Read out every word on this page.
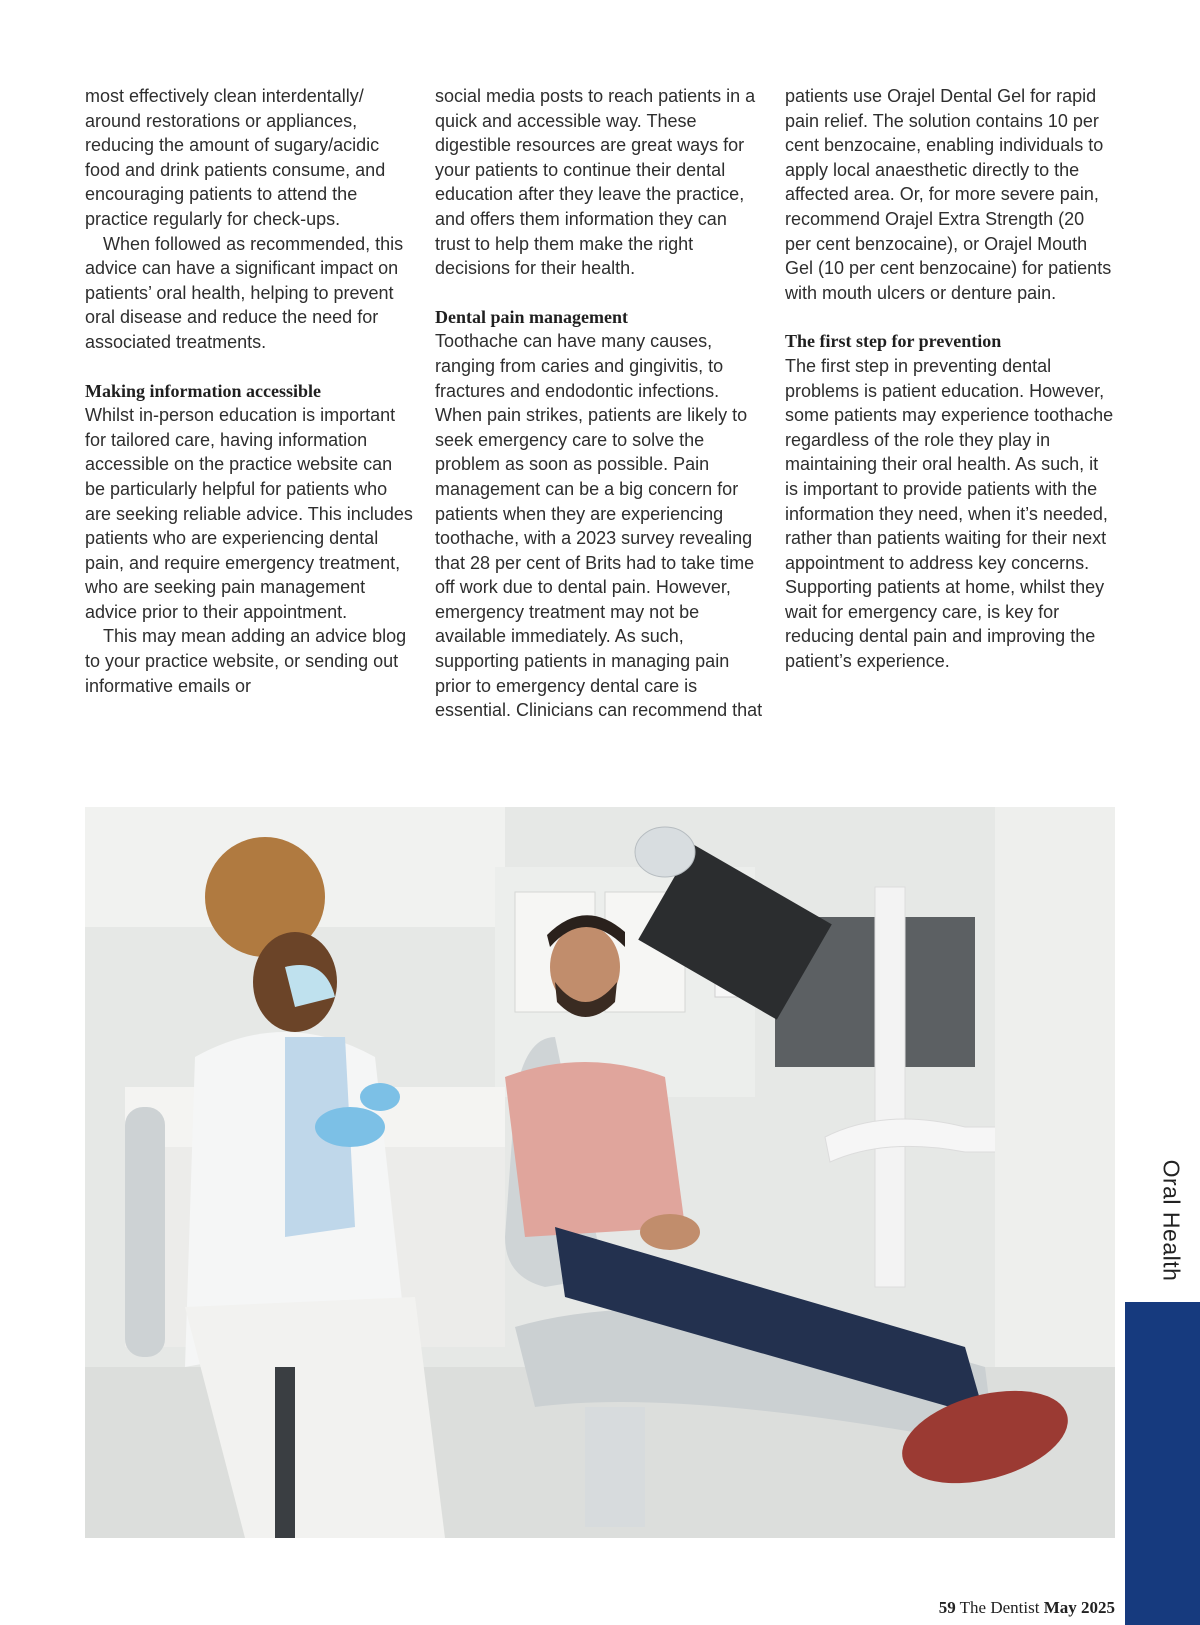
most effectively clean interdentally/ around restorations or appliances, reducing the amount of sugary/acidic food and drink patients consume, and encouraging patients to attend the practice regularly for check-ups.

When followed as recommended, this advice can have a significant impact on patients’ oral health, helping to prevent oral disease and reduce the need for associated treatments.

Making information accessible

Whilst in-person education is important for tailored care, having information accessible on the practice website can be particularly helpful for patients who are seeking reliable advice. This includes patients who are experiencing dental pain, and require emergency treatment, who are seeking pain management advice prior to their appointment.

This may mean adding an advice blog to your practice website, or sending out informative emails or

social media posts to reach patients in a quick and accessible way. These digestible resources are great ways for your patients to continue their dental education after they leave the practice, and offers them information they can trust to help them make the right decisions for their health.

Dental pain management

Toothache can have many causes, ranging from caries and gingivitis, to fractures and endodontic infections. When pain strikes, patients are likely to seek emergency care to solve the problem as soon as possible. Pain management can be a big concern for patients when they are experiencing toothache, with a 2023 survey revealing that 28 per cent of Brits had to take time off work due to dental pain. However, emergency treatment may not be available immediately. As such, supporting patients in managing pain prior to emergency dental care is essential. Clinicians can recommend that

patients use Orajel Dental Gel for rapid pain relief. The solution contains 10 per cent benzocaine, enabling individuals to apply local anaesthetic directly to the affected area. Or, for more severe pain, recommend Orajel Extra Strength (20 per cent benzocaine), or Orajel Mouth Gel (10 per cent benzocaine) for patients with mouth ulcers or denture pain.

The first step for prevention

The first step in preventing dental problems is patient education. However, some patients may experience toothache regardless of the role they play in maintaining their oral health. As such, it is important to provide patients with the information they need, when it’s needed, rather than patients waiting for their next appointment to address key concerns. Supporting patients at home, whilst they wait for emergency care, is key for reducing dental pain and improving the patient’s experience.

Oral Health
59 The Dentist May 2025
